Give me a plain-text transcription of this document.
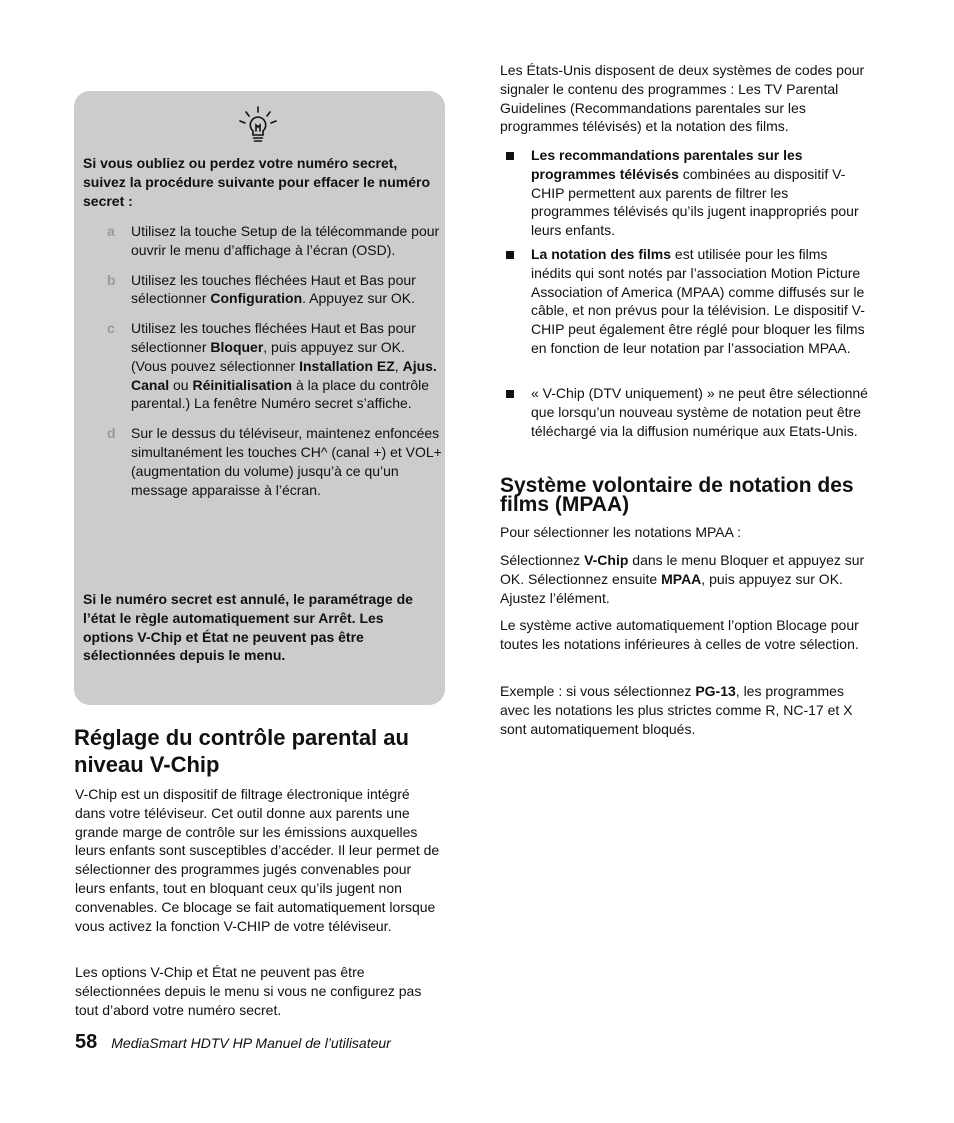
Si vous oubliez ou perdez votre numéro secret, suivez la procédure suivante pour effacer le numéro secret :

a Utilisez la touche Setup de la télécommande pour ouvrir le menu d’affichage à l’écran (OSD).
b Utilisez les touches fléchées Haut et Bas pour sélectionner Configuration. Appuyez sur OK.
c Utilisez les touches fléchées Haut et Bas pour sélectionner Bloquer, puis appuyez sur OK. (Vous pouvez sélectionner Installation EZ, Ajus. Canal ou Réinitialisation à la place du contrôle parental.) La fenêtre Numéro secret s’affiche.
d Sur le dessus du téléviseur, maintenez enfoncées simultanément les touches CH^ (canal +) et VOL+ (augmentation du volume) jusqu’à ce qu’un message apparaisse à l’écran.

Si le numéro secret est annulé, le paramétrage de l’état le règle automatiquement sur Arrêt. Les options V-Chip et État ne peuvent pas être sélectionnées depuis le menu.

Réglage du contrôle parental au niveau V-Chip

V-Chip est un dispositif de filtrage électronique intégré dans votre téléviseur. Cet outil donne aux parents une grande marge de contrôle sur les émissions auxquelles leurs enfants sont susceptibles d’accéder. Il leur permet de sélectionner des programmes jugés convenables pour leurs enfants, tout en bloquant ceux qu’ils jugent non convenables. Ce blocage se fait automatiquement lorsque vous activez la fonction V-CHIP de votre téléviseur.

Les options V-Chip et État ne peuvent pas être sélectionnées depuis le menu si vous ne configurez pas tout d’abord votre numéro secret.

Les États-Unis disposent de deux systèmes de codes pour signaler le contenu des programmes : Les TV Parental Guidelines (Recommandations parentales sur les programmes télévisés) et la notation des films.

Les recommandations parentales sur les programmes télévisés combinées au dispositif V-CHIP permettent aux parents de filtrer les programmes télévisés qu’ils jugent inappropriés pour leurs enfants.
La notation des films est utilisée pour les films inédits qui sont notés par l’association Motion Picture Association of America (MPAA) comme diffusés sur le câble, et non prévus pour la télévision. Le dispositif V-CHIP peut également être réglé pour bloquer les films en fonction de leur notation par l’association MPAA.
« V-Chip (DTV uniquement) » ne peut être sélectionné que lorsqu’un nouveau système de notation peut être téléchargé via la diffusion numérique aux Etats-Unis.
Système volontaire de notation des films (MPAA)

Pour sélectionner les notations MPAA :

Sélectionnez V-Chip dans le menu Bloquer et appuyez sur OK. Sélectionnez ensuite MPAA, puis appuyez sur OK. Ajustez l’élément.

Le système active automatiquement l’option Blocage pour toutes les notations inférieures à celles de votre sélection.

Exemple : si vous sélectionnez PG-13, les programmes avec les notations les plus strictes comme R, NC-17 et X sont automatiquement bloqués.

58 MediaSmart HDTV HP Manuel de l’utilisateur
